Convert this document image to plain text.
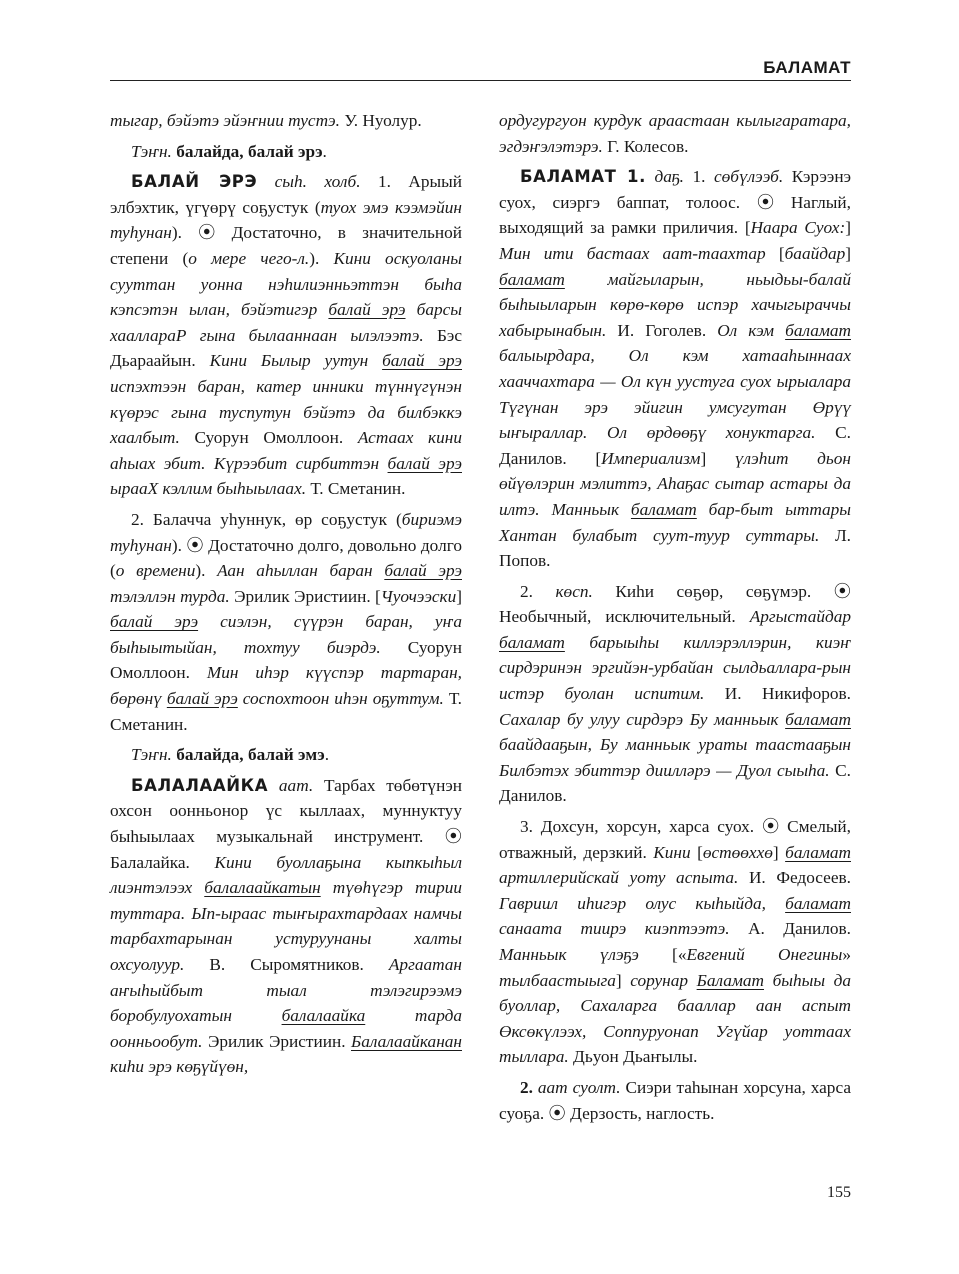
БАЛАМАТ

тыгар, бэйэтэ эйэҥнии тустэ. У. Нуолур.

Тэҥн. балайда, балай эрэ.

БАЛАЙ ЭРЭ сыһ. холб. 1. Арыый элбэхтик, үгүөрү соҕустук (туох эмэ кээмэйин туһунан). ⦿ Достаточно, в значительной степени (о мере чего-л.). Кини оскуоланы сууттан уонна нэһилиэнньэттэн быһа кэпсэтэн ылан, бэйэтигэр балай эрэ барсы хааллараР гына былааннаан ылэлээтэ. Бэс Дьараайын. Кини Былыр уутун балай эрэ испэхтээн баран, катер инники түннүгүнэн күөрэс гына туспутун бэйэтэ да билбэккэ хаалбыт. Суорун Омоллоон. Астаах кини аһыах эбит. Күрээбит сирбиттэн балай эрэ ырааХ кэллим быһыылаах. Т. Сметанин.

2. Балачча уһуннук, өр соҕустук (бириэмэ туһунан). ⦿ Достаточно долго, довольно долго (о времени). Аан аһыллан баран балай эрэ тэлэллэн турда. Эрилик Эристиин. [Чуочээски] балай эрэ сиэлэн, сүүрэн баран, уҥа быһыытыйан, тохтуу биэрдэ. Суорун Омоллоон. Мин иһэр күүспэр тартаран, бөрөнү балай эрэ соспохтоон иһэн оҕуттум. Т. Сметанин.

Тэҥн. балайда, балай эмэ.

БАЛАЛААЙКА аат. Тарбах төбөтүнэн охсон оонньонор үс кыллаах, муннуктуу быһыылаах музыкальнай инструмент. ⦿ Балалайка. Кини буоллаҕына кыпкыһыл лиэнтэлээх балалаайкатын түөһүгэр тирии туттара. Ып-ыраас тыҥырахтардаах намчы тарбахтарынан устуруунаны халты охсуолуур. В. Сыромятников. Аргаатан аҥыһыйбыт тыал тэлэгирээмэ боробулуохатын балалаайка тарда оонньообут. Эрилик Эристиин. Балалаайканан киһи эрэ көҕүйүөн,

ордугургуон курдук араастаан кылыгаратара, эгдэҥэлэтэрэ. Г. Колесов.

БАЛАМАТ 1. даҕ. 1. сөбүлээб. Кэрээнэ суох, сиэргэ баппат, толоос. ⦿ Наглый, выходящий за рамки приличия. [Наара Суох:] Мин ити бастаах аат-таахтар [баайдар] баламат майгыларын, ньыдьы-балай быһыыларын көрө-көрө испэр хачыгыраччы хабырынабын. И. Гоголев. Ол кэм баламат балыырдара, Ол кэм хатааһыннаах хааччахтара — Ол күн уустуга суох ырыалара Түгүнан эрэ эйигин умсугутан Өрүү ыҥыраллар. Ол өрдөөҕү хонуктарга. С. Данилов. [Империализм] үлэһит дьон өйүөлэрин мэлиттэ, Аһаҕас сытар астары да илтэ. Манньык баламат бар-быт ыттары Хантан булабыт суут-туур суттары. Л. Попов.

2. көсп. Киһи сөҕөр, сөҕүмэр. ⦿ Необычный, исключительный. Аргыстайдар баламат барыыһы киллэрэллэрин, киэҥ сирдэринэн эргийэн-урбайан сылдьаллара-рын истэр буолан испитим. И. Никифоров. Сахалар бу улуу сирдэрэ Бу манньык баламат баайдааҕын, Бу манньык ураты таастааҕын Билбэтэх эбиттэр диилләрэ — Дуол сыыһа. С. Данилов.

3. Дохсун, хорсун, харса суох. ⦿ Смелый, отважный, дерзкий. Кини [өстөөххө] баламат артиллерийскай уоту аспыта. И. Федосеев. Гавриил иһигэр олус кыһыйда, баламат санаата тиирэ киэптээтэ. А. Данилов. Манньык үлэҕэ [«Евгений Онегины» тылбаастыыга] сорунар Баламат быһыы да буоллар, Сахаларга бааллар аан аспыт Өксөкүлээх, Соппуруонап Угүйар уоттаах тыллара. Дьуон Дьаҥылы.

2. аат суолт. Сиэри таһынан хорсуна, харса суоҕа. ⦿ Дерзость, наглость.

155
